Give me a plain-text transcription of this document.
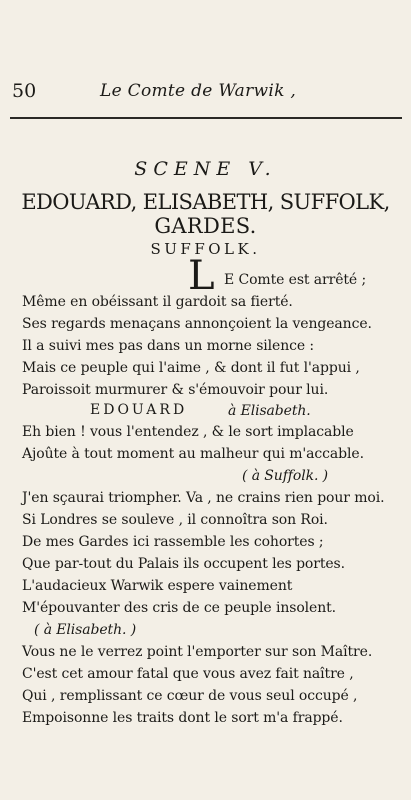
50	Le Comte de Warwik ,
SCENE V.
EDOUARD, ELISABETH, SUFFOLK,
GARDES.
SUFFOLK.
L E Comte est arrêté ;
Même en obéissant il gardoit sa fierté.
Ses regards menaçans annonçoient la vengeance.
Il a suivi mes pas dans un morne silence :
Mais ce peuple qui l'aime , & dont il fut l'appui ,
Paroissoit murmurer & s'émouvoir pour lui.
EDOUARD	à Elisabeth.
Eh bien ! vous l'entendez , & le sort implacable
Ajoûte à tout moment au malheur qui m'accable.
( à Suffolk. )
J'en sçaurai triompher. Va , ne crains rien pour moi.
Si Londres se souleve , il connoîtra son Roi.
De mes Gardes ici rassemble les cohortes ;
Que par-tout du Palais ils occupent les portes.
L'audacieux Warwik espere vainement
M'épouvanter des cris de ce peuple insolent.
( à Elisabeth. )
Vous ne le verrez point l'emporter sur son Maître.
C'est cet amour fatal que vous avez fait naître ,
Qui , remplissant ce cœur de vous seul occupé ,
Empoisonne les traits dont le sort m'a frappé.
